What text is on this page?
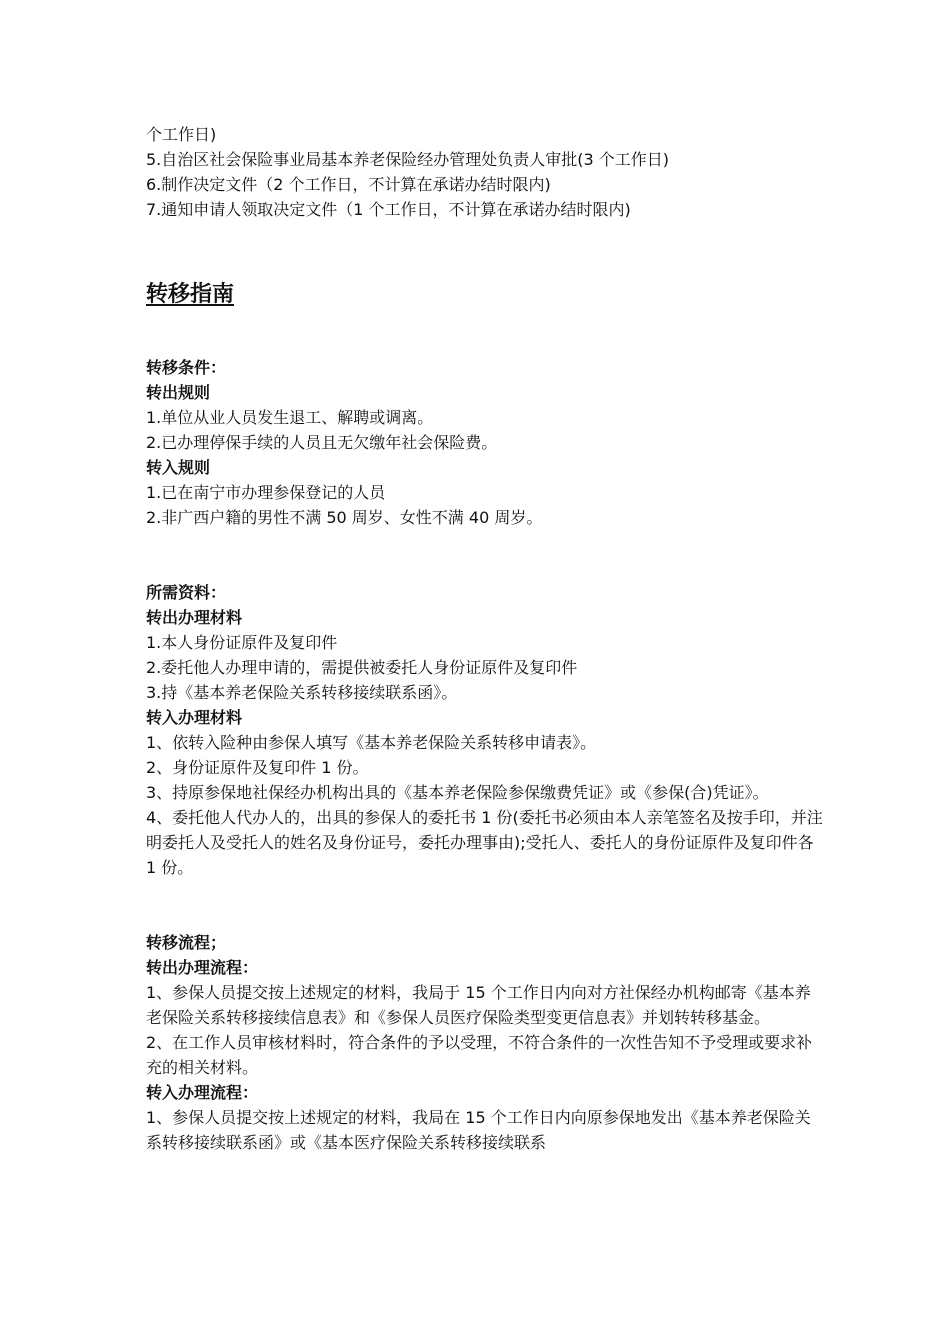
个工作日)
5.自治区社会保险事业局基本养老保险经办管理处负责人审批(3 个工作日)
6.制作决定文件（2 个工作日，不计算在承诺办结时限内)
7.通知申请人领取决定文件（1 个工作日，不计算在承诺办结时限内)
转移指南
转移条件：
转出规则
1.单位从业人员发生退工、解聘或调离。
2.已办理停保手续的人员且无欠缴年社会保险费。
转入规则
1.已在南宁市办理参保登记的人员
2.非广西户籍的男性不满 50 周岁、女性不满 40 周岁。
所需资料：
转出办理材料
1.本人身份证原件及复印件
2.委托他人办理申请的，需提供被委托人身份证原件及复印件
3.持《基本养老保险关系转移接续联系函》。
转入办理材料
1、依转入险种由参保人填写《基本养老保险关系转移申请表》。
2、身份证原件及复印件 1 份。
3、持原参保地社保经办机构出具的《基本养老保险参保缴费凭证》或《参保(合)凭证》。
4、委托他人代办人的，出具的参保人的委托书 1 份(委托书必须由本人亲笔签名及按手印，并注明委托人及受托人的姓名及身份证号，委托办理事由);受托人、委托人的身份证原件及复印件各 1 份。
转移流程；
转出办理流程：
1、参保人员提交按上述规定的材料，我局于 15 个工作日内向对方社保经办机构邮寄《基本养老保险关系转移接续信息表》和《参保人员医疗保险类型变更信息表》并划转转移基金。
2、在工作人员审核材料时，符合条件的予以受理，不符合条件的一次性告知不予受理或要求补充的相关材料。
转入办理流程：
1、参保人员提交按上述规定的材料，我局在 15 个工作日内向原参保地发出《基本养老保险关系转移接续联系函》或《基本医疗保险关系转移接续联系
